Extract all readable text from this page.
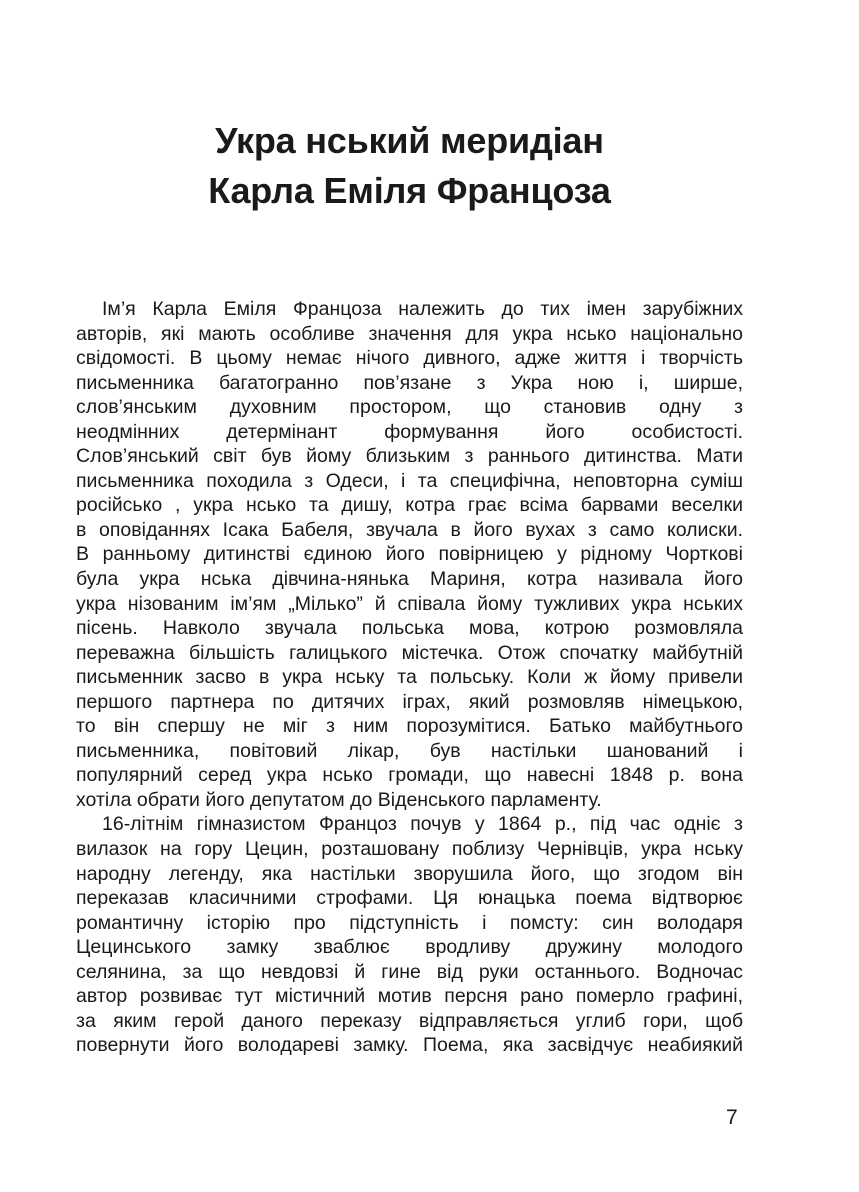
Укра нський меридіан
Карла Еміля Францоза
Ім’я Карла Еміля Францоза належить до тих імен зарубіжних
авторів, які мають особливе значення для укра нсько національно
свідомості. В цьому немає нічого дивного, адже життя і творчість
письменника багатогранно пов’язане з Укра ною і, ширше,
слов’янським духовним простором, що становив одну з
неодмінних детермінант формування його особистості.
Слов’янський світ був йому близьким з раннього дитинства. Мати
письменника походила з Одеси, і та специфічна, неповторна суміш
російсько , укра нсько та дишу, котра грає всіма барвами веселки
в оповіданнях Ісака Бабеля, звучала в його вухах з само колиски.
В ранньому дитинстві єдиною його повірницею у рідному Чорткові
була укра нська дівчина-нянька Мариня, котра називала його
укра нізованим ім’ям „Мілько” й співала йому тужливих укра нських
пісень. Навколо звучала польська мова, котрою розмовляла
переважна більшість галицького містечка. Отож спочатку майбутній
письменник засво в укра нську та польську. Коли ж йому привели
першого партнера по дитячих іграх, який розмовляв німецькою,
то він спершу не міг з ним порозумітися. Батько майбутнього
письменника, повітовий лікар, був настільки шанований і
популярний серед укра нсько громади, що навесні 1848 р. вона
хотіла обрати його депутатом до Віденського парламенту.
16-літнім гімназистом Францоз почув у 1864 р., під час одніє з
вилазок на гору Цецин, розташовану поблизу Чернівців, укра нську
народну легенду, яка настільки зворушила його, що згодом він
переказав класичними строфами. Ця юнацька поема відтворює
романтичну історію про підступність і помсту: син володаря
Цецинського замку зваблює вродливу дружину молодого
селянина, за що невдовзі й гине від руки останнього. Водночас
автор розвиває тут містичний мотив персня рано померло графині,
за яким герой даного переказу відправляється углиб гори, щоб
повернути його володареві замку. Поема, яка засвідчує неабиякий
7
